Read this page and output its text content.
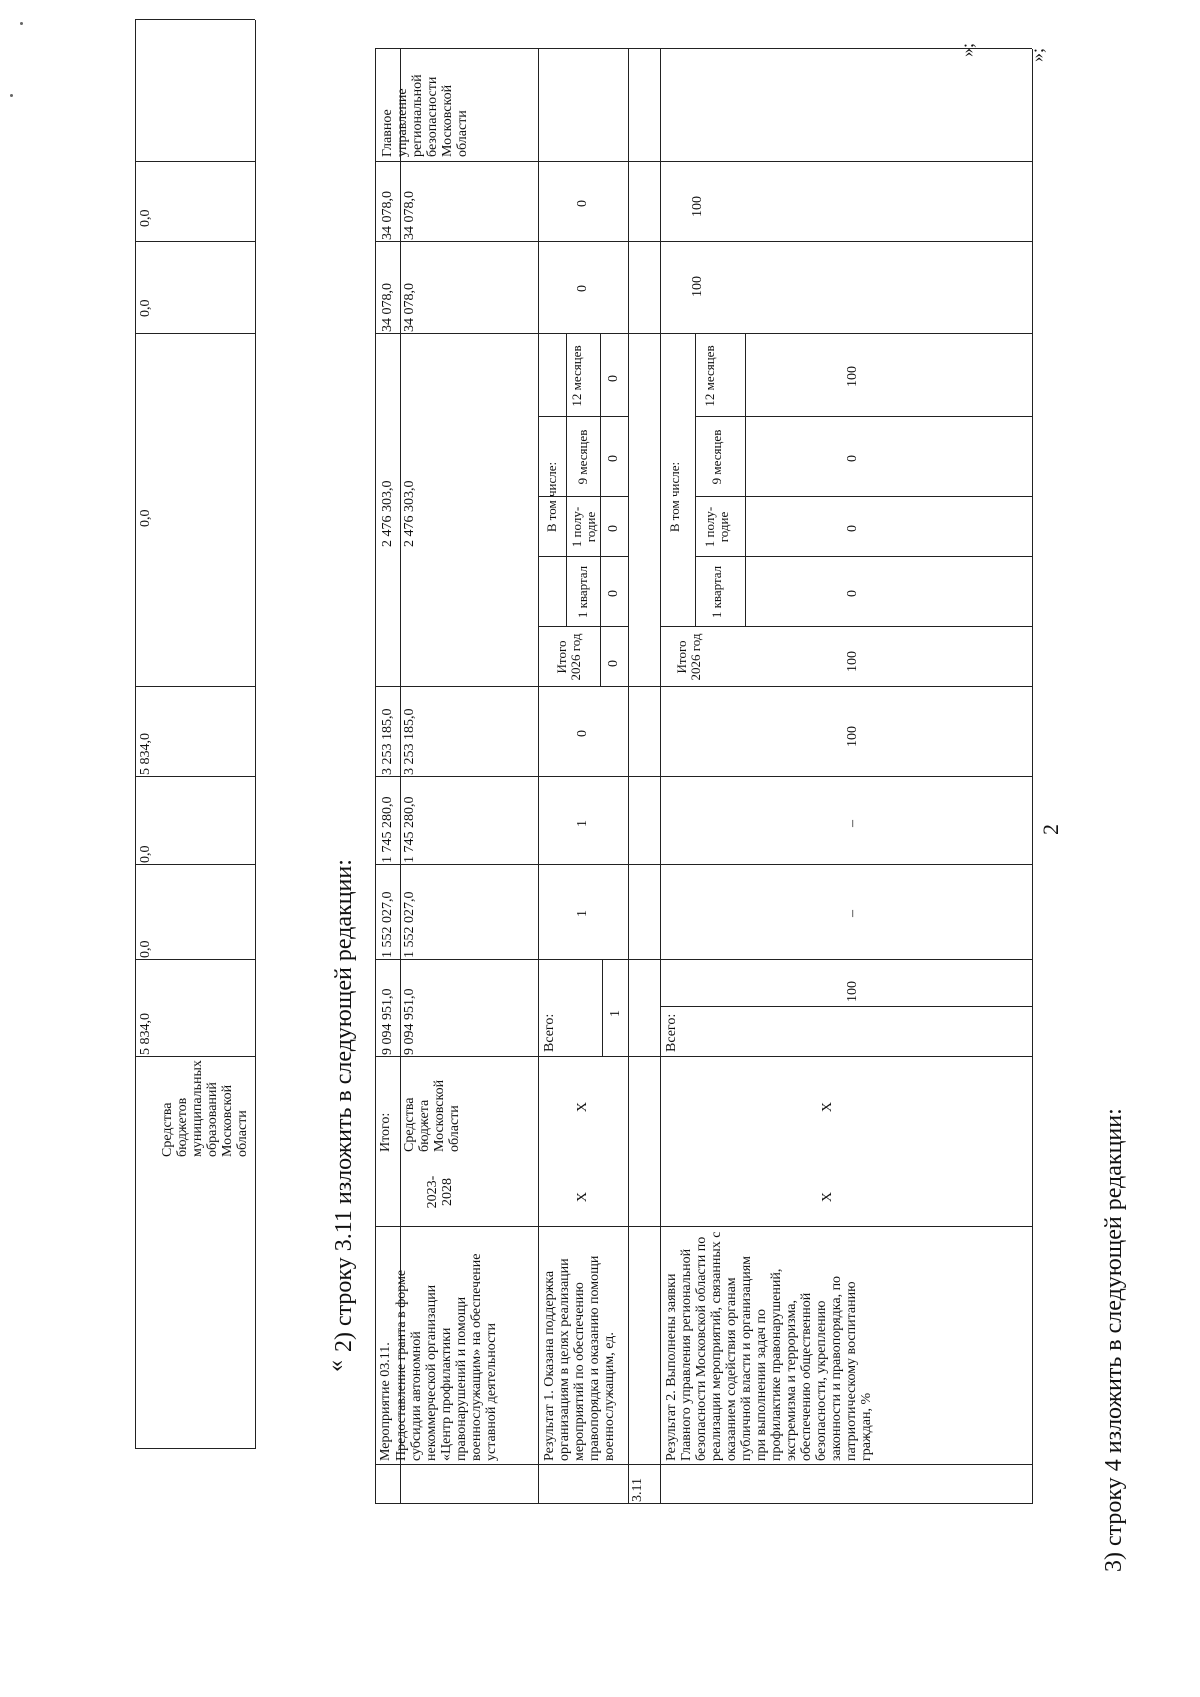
2
Средства бюджетов муниципальных образований Московской области
5 834,0
0,0
0,0
5 834,0
0,0
0,0
0,0
»;
2) строку 3.11 изложить в следующей редакции:
«
3.11
Мероприятие 03.11. Предоставление гранта в форме субсидии автономной некоммерческой организации «Центр профилактики правонарушений и помощи военнослужащим» на обеспечение уставной деятельности
2023-2028
Итого: Средства бюджета Московской области
9 094 951,0
1 552 027,0
1 745 280,0
3 253 185,0
2 476 303,0
34 078,0
34 078,0
9 094 951,0
1 552 027,0
1 745 280,0
3 253 185,0
2 476 303,0
34 078,0
34 078,0
Главное управление региональной безопасности Московской области
Результат 1. Оказана поддержка организациям в целях реализации мероприятий по обеспечению правопорядка и оказанию помощи военнослужащим, ед.
Х
Х
Всего:
1
1
1
0
Итого 2026 год 0
В том числе:
1 квартал
1 полу-годие
9 месяцев
12 месяцев
0
0
0
0
0
0
Результат 2. Выполнены заявки Главного управления региональной безопасности Московской области по реализации мероприятий, связанных с оказанием содействия органам публичной власти и организациям при выполнении задач по профилактике правонарушений, экстремизма и терроризма, обеспечению общественной безопасности, укреплению законности и правопорядка, по патриотическому воспитанию граждан, %
Х
Х
Всего:
100
–
–
100
Итого 2026 год	100
В том числе:
1 квартал
1 полу-годие
9 месяцев
12 месяцев
0
0
0
100
100
100
»;
3) строку 4 изложить в следующей редакции:
